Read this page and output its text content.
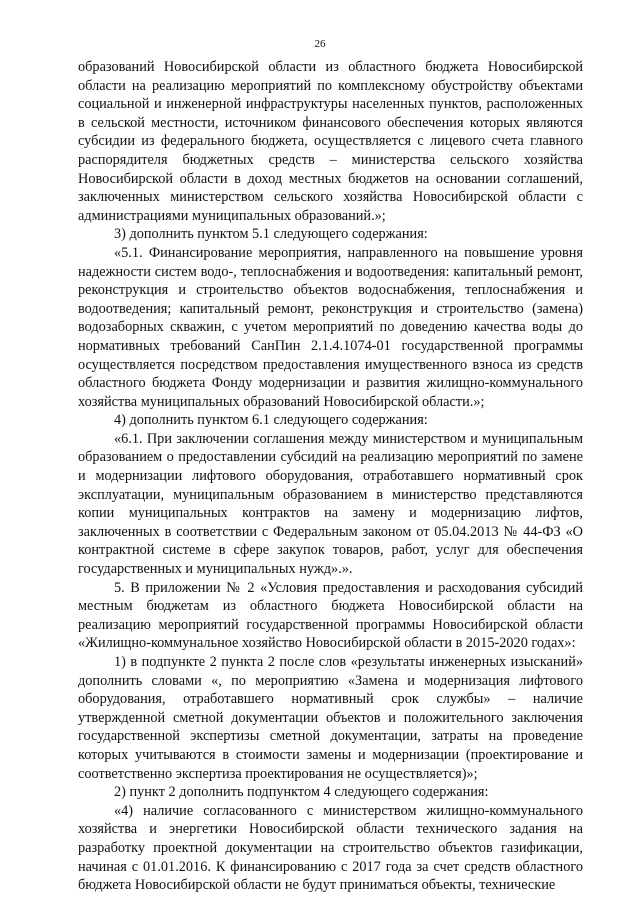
26

образований Новосибирской области из областного бюджета Новосибирской области на реализацию мероприятий по комплексному обустройству объектами социальной и инженерной инфраструктуры населенных пунктов, расположенных в сельской местности, источником финансового обеспечения которых являются субсидии из федерального бюджета, осуществляется с лицевого счета главного распорядителя бюджетных средств – министерства сельского хозяйства Новосибирской области в доход местных бюджетов на основании соглашений, заключенных министерством сельского хозяйства Новосибирской области с администрациями муниципальных образований.»;

3) дополнить пунктом 5.1 следующего содержания:

«5.1. Финансирование мероприятия, направленного на повышение уровня надежности систем водо-, теплоснабжения и водоотведения: капитальный ремонт, реконструкция и строительство объектов водоснабжения, теплоснабжения и водоотведения; капитальный ремонт, реконструкция и строительство (замена) водозаборных скважин, с учетом мероприятий по доведению качества воды до нормативных требований СанПин 2.1.4.1074-01 государственной программы осуществляется посредством предоставления имущественного взноса из средств областного бюджета Фонду модернизации и развития жилищно-коммунального хозяйства муниципальных образований Новосибирской области.»;

4) дополнить пунктом 6.1 следующего содержания:

«6.1. При заключении соглашения между министерством и муниципальным образованием о предоставлении субсидий на реализацию мероприятий по замене и модернизации лифтового оборудования, отработавшего нормативный срок эксплуатации, муниципальным образованием в министерство представляются копии муниципальных контрактов на замену и модернизацию лифтов, заключенных в соответствии с Федеральным законом от 05.04.2013 № 44-ФЗ «О контрактной системе в сфере закупок товаров, работ, услуг для обеспечения государственных и муниципальных нужд».».

5. В приложении № 2 «Условия предоставления и расходования субсидий местным бюджетам из областного бюджета Новосибирской области на реализацию мероприятий государственной программы Новосибирской области «Жилищно-коммунальное хозяйство Новосибирской области в 2015-2020 годах»:

1) в подпункте 2 пункта 2 после слов «результаты инженерных изысканий» дополнить словами «, по мероприятию «Замена и модернизация лифтового оборудования, отработавшего нормативный срок службы» – наличие утвержденной сметной документации объектов и положительного заключения государственной экспертизы сметной документации, затраты на проведение которых учитываются в стоимости замены и модернизации (проектирование и соответственно экспертиза проектирования не осуществляется)»;

2) пункт 2 дополнить подпунктом 4 следующего содержания:

«4) наличие согласованного с министерством жилищно-коммунального хозяйства и энергетики Новосибирской области технического задания на разработку проектной документации на строительство объектов газификации, начиная с 01.01.2016. К финансированию с 2017 года за счет средств областного бюджета Новосибирской области не будут приниматься объекты, технические
